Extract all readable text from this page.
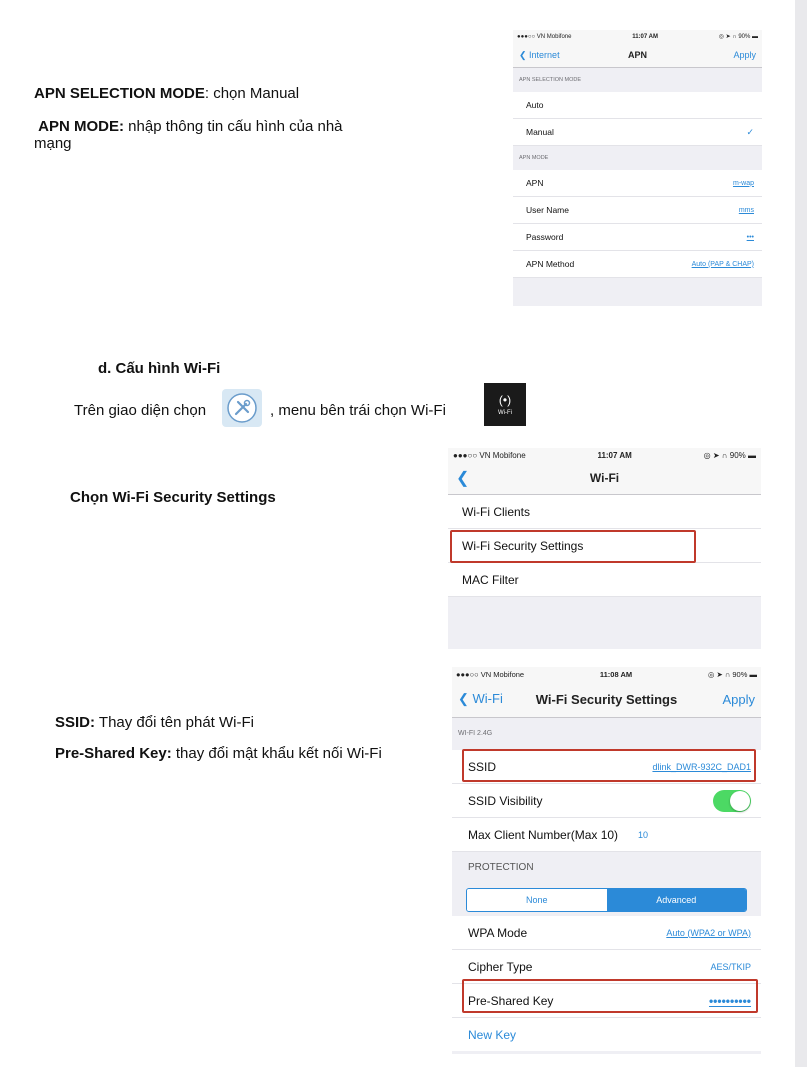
APN SELECTION MODE: chọn Manual
APN MODE: nhập thông tin cấu hình của nhà
mạng
d. Cấu hình Wi-Fi
Trên giao diện chọn	, menu bên trái chọn Wi-Fi
(•)
Wi-Fi
Chọn Wi-Fi Security Settings
SSID: Thay đổi tên phát Wi-Fi
Pre-Shared Key: thay đổi mật khẩu kết nối Wi-Fi
●●●○○ VN Mobifone	11:07 AM	◎ ➤ ∩ 90% ▬
❮ Internet	APN	Apply
APN SELECTION MODE
Auto
Manual	✓
APN MODE
APN	m-wap
User Name	mms
Password	•••
APN Method	Auto (PAP & CHAP)
●●●○○ VN Mobifone	11:07 AM	◎ ➤ ∩ 90% ▬
❮	Wi-Fi
Wi-Fi Clients
Wi-Fi Security Settings
MAC Filter
●●●○○ VN Mobifone	11:08 AM	◎ ➤ ∩ 90% ▬
❮ Wi-Fi	Wi-Fi Security Settings	Apply
WI-FI 2.4G
SSID	dlink_DWR-932C_DAD1
SSID Visibility
Max Client Number(Max 10) 10
PROTECTION
None	Advanced
WPA Mode	Auto (WPA2 or WPA)
Cipher Type	AES/TKIP
Pre-Shared Key	••••••••••
New Key
